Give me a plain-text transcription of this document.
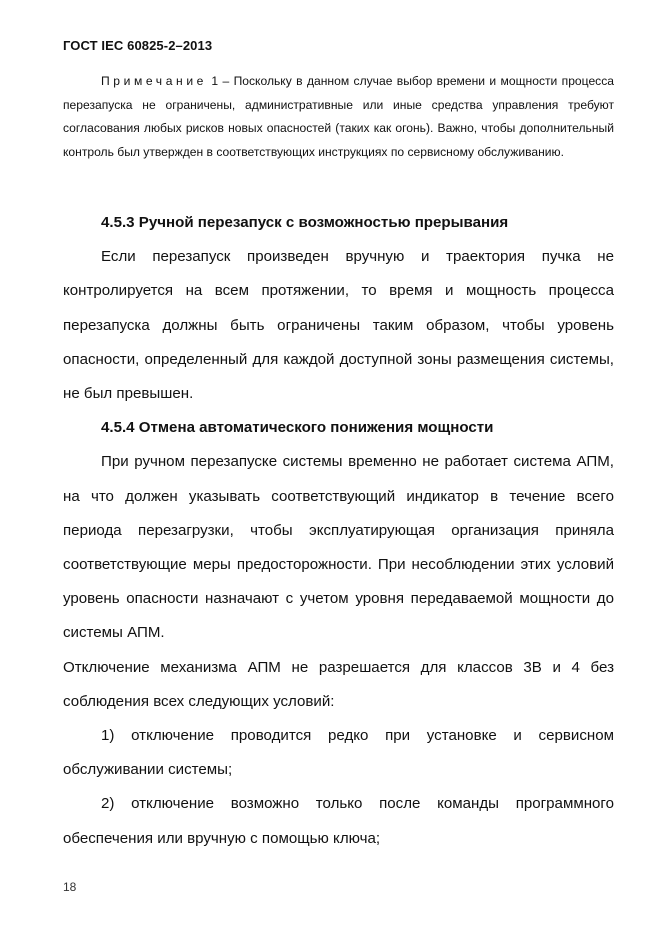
ГОСТ IEC 60825-2–2013

Примечание 1 – Поскольку в данном случае выбор времени и мощности процесса перезапуска не ограничены, административные или иные средства управления требуют согласования любых рисков новых опасностей (таких как огонь). Важно, чтобы дополнительный контроль был утвержден в соответствующих инструкциях по сервисному обслуживанию.

4.5.3 Ручной перезапуск с возможностью прерывания

Если перезапуск произведен вручную и траектория пучка не контролируется на всем протяжении, то время и мощность процесса перезапуска должны быть ограничены таким образом, чтобы уровень опасности, определенный для каждой доступной зоны размещения системы, не был превышен.

4.5.4 Отмена автоматического понижения мощности

При ручном перезапуске системы временно не работает система АПМ, на что должен указывать соответствующий индикатор в течение всего периода перезагрузки, чтобы эксплуатирующая организация приняла соответствующие меры предосторожности. При несоблюдении этих условий уровень опасности назначают с учетом уровня передаваемой мощности до системы АПМ.

Отключение механизма АПМ не разрешается для классов 3В и 4 без соблюдения всех следующих условий:

1) отключение проводится редко при установке и сервисном обслуживании системы;

2) отключение возможно только после команды программного обеспечения или вручную с помощью ключа;

18
